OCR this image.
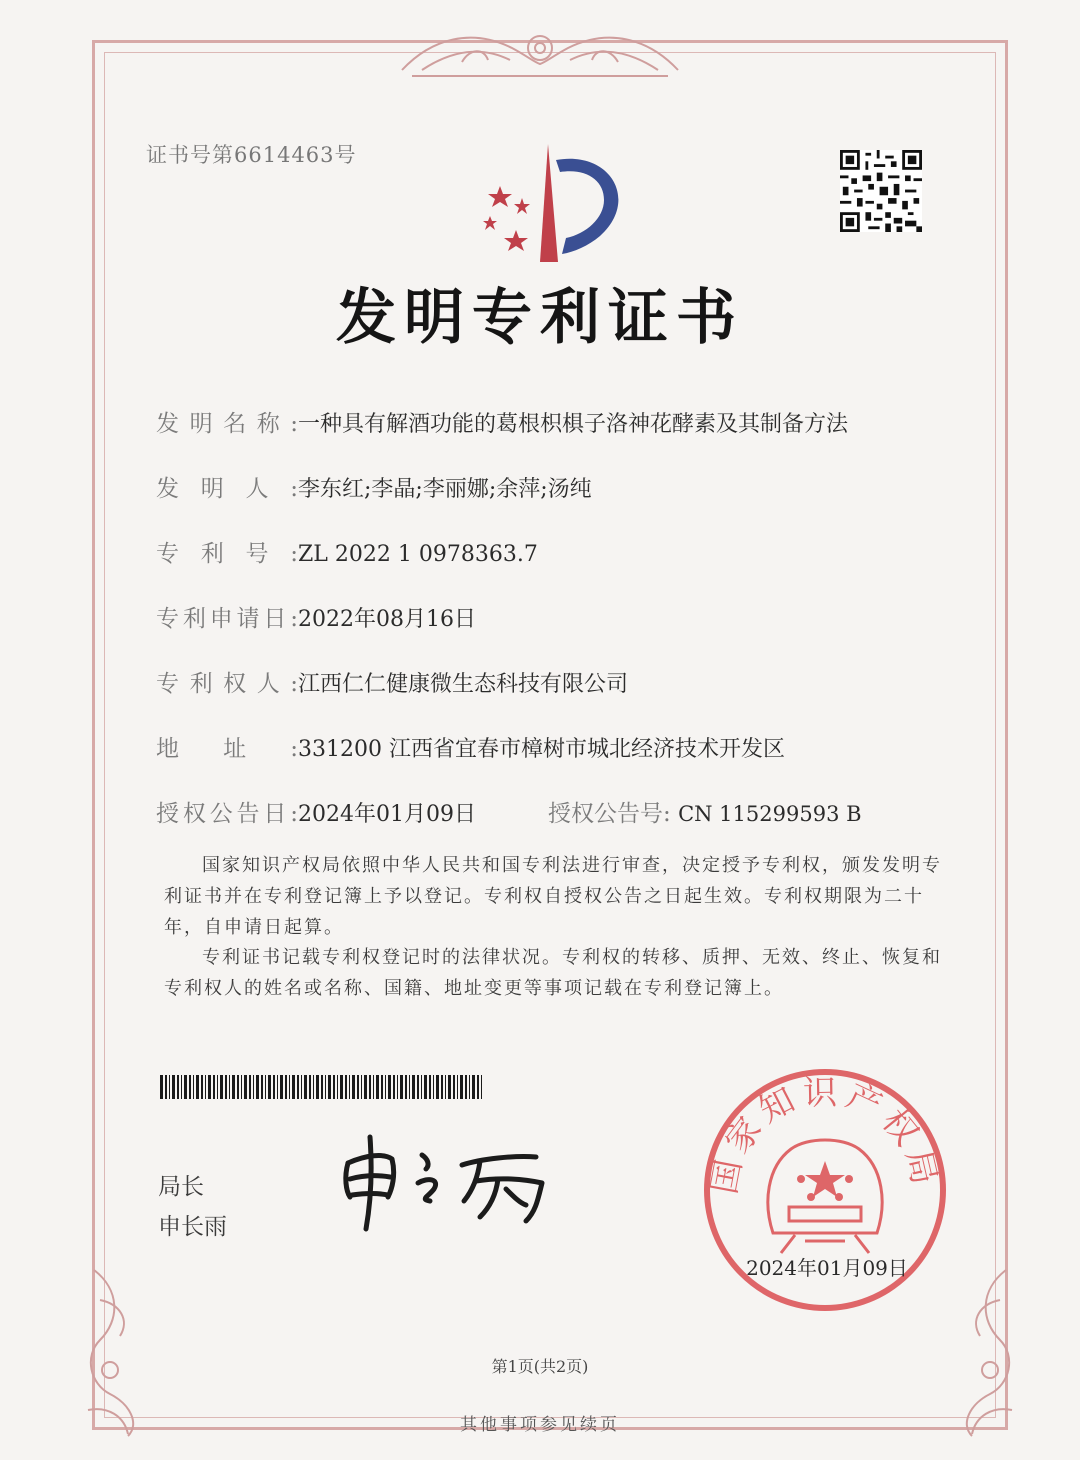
证书号第6614463号
发明专利证书
发明名称:一种具有解酒功能的葛根枳椇子洛神花酵素及其制备方法
发明人:李东红;李晶;李丽娜;余萍;汤纯
专利号:ZL 2022 1 0978363.7
专利申请日:2022年08月16日
专利权人:江西仁仁健康微生态科技有限公司
地址:331200 江西省宜春市樟树市城北经济技术开发区
授权公告日:2024年01月09日	授权公告号: CN 115299593 B
国家知识产权局依照中华人民共和国专利法进行审查，决定授予专利权，颁发发明专利证书并在专利登记簿上予以登记。专利权自授权公告之日起生效。专利权期限为二十年，自申请日起算。
专利证书记载专利权登记时的法律状况。专利权的转移、质押、无效、终止、恢复和专利权人的姓名或名称、国籍、地址变更等事项记载在专利登记簿上。
局长
申长雨
国家知识产权局
2024年01月09日
第1页(共2页)
其他事项参见续页
